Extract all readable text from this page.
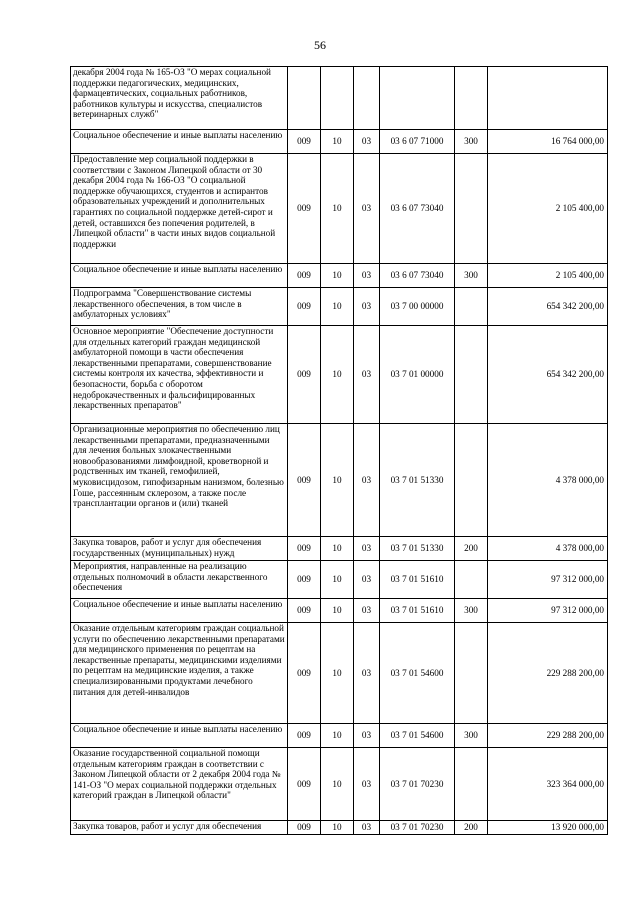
56
декабря 2004 года № 165-ОЗ "О мерах социальной поддержки педагогических, медицинских, фармацевтических, социальных работников, работников культуры и искусства, специалистов ветеринарных служб"						
Социальное обеспечение и иные выплаты населению	009	10	03	03 6 07 71000	300	16 764 000,00
Предоставление мер социальной поддержки в соответствии с Законом Липецкой области от 30 декабря 2004 года № 166-ОЗ "О социальной поддержке обучающихся, студентов и аспирантов образовательных учреждений и дополнительных гарантиях по социальной поддержке детей-сирот и детей, оставшихся без попечения родителей, в Липецкой области" в части иных видов социальной поддержки	009	10	03	03 6 07 73040		2 105 400,00
Социальное обеспечение и иные выплаты населению	009	10	03	03 6 07 73040	300	2 105 400,00
Подпрограмма "Совершенствование системы лекарственного обеспечения, в том числе в амбулаторных условиях"	009	10	03	03 7 00 00000		654 342 200,00
Основное мероприятие "Обеспечение доступности для отдельных категорий граждан медицинской амбулаторной помощи в части обеспечения лекарственными препаратами, совершенствование системы контроля их качества, эффективности и безопасности, борьба с оборотом недоброкачественных и фальсифицированных лекарственных препаратов"	009	10	03	03 7 01 00000		654 342 200,00
Организационные мероприятия по обеспечению лиц лекарственными препаратами, предназначенными для лечения больных злокачественными новообразованиями лимфоидной, кроветворной и родственных им тканей, гемофилией, муковисцидозом, гипофизарным нанизмом, болезнью Гоше, рассеянным склерозом, а также после трансплантации органов и (или) тканей	009	10	03	03 7 01 51330		4 378 000,00
Закупка товаров, работ и услуг для обеспечения государственных (муниципальных) нужд	009	10	03	03 7 01 51330	200	4 378 000,00
Мероприятия, направленные на реализацию отдельных полномочий в области лекарственного обеспечения	009	10	03	03 7 01 51610		97 312 000,00
Социальное обеспечение и иные выплаты населению	009	10	03	03 7 01 51610	300	97 312 000,00
Оказание отдельным категориям граждан социальной услуги по обеспечению лекарственными препаратами для медицинского применения по рецептам на лекарственные препараты, медицинскими изделиями по рецептам на медицинские изделия, а также специализированными продуктами лечебного питания для детей-инвалидов	009	10	03	03 7 01 54600		229 288 200,00
Социальное обеспечение и иные выплаты населению	009	10	03	03 7 01 54600	300	229 288 200,00
Оказание государственной социальной помощи отдельным категориям граждан в соответствии с Законом Липецкой области от 2 декабря 2004 года № 141-ОЗ "О мерах социальной поддержки отдельных категорий граждан в Липецкой области"	009	10	03	03 7 01 70230		323 364 000,00
Закупка товаров, работ и услуг для обеспечения	009	10	03	03 7 01 70230	200	13 920 000,00
